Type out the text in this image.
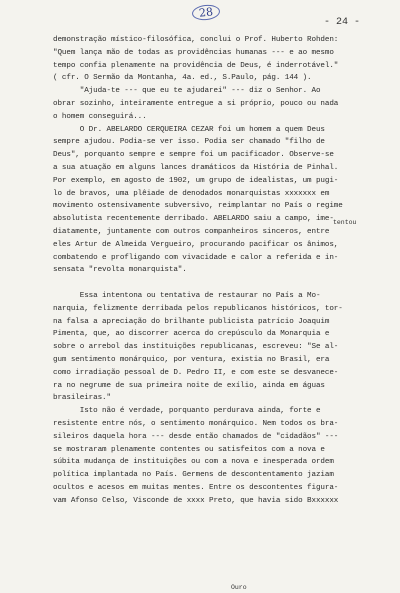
28
- 24 -
demonstração místico-filosófica, conclui o Prof. Huberto Rohden:
"Quem lança mão de todas as providências humanas --- e ao mesmo
tempo confia plenamente na providência de Deus, é inderrotável."
( cfr. O Sermão da Montanha, 4a. ed., S.Paulo, pág. 144 ).
"Ajuda-te --- que eu te ajudarei" --- diz o Senhor. Ao
obrar sozinho, inteiramente entregue a si próprio, pouco ou nada
o homem conseguirá...
O Dr. ABELARDO CERQUEIRA CEZAR foi um homem a quem Deus
sempre ajudou. Podia-se ver isso. Podia ser chamado "filho de
Deus", porquanto sempre e sempre foi um pacificador. Observe-se
a sua atuação em alguns lances dramáticos da História de Pinhal.
Por exemplo, em agosto de 1902, um grupo de idealistas, um pugi-
lo de bravos, uma plêiade de denodados monarquistas xxxxxxx em
movimento ostensivamente subversivo, reimplantar no País o regime
absolutista recentemente derribado. ABELARDO saiu a campo, ime-
diatamente, juntamente com outros companheiros sinceros, entre
eles Artur de Almeida Vergueiro, procurando pacificar os ânimos,
combatendo e profligando com vivacidade e calor a referida e in-
sensata "revolta monarquista".
Essa intentona ou tentativa de restaurar no País a Mo-
narquia, felizmente derribada pelos republicanos históricos, tor-
na falsa a apreciação do brilhante publicista patrício Joaquim
Pimenta, que, ao discorrer acerca do crepúsculo da Monarquia e
sobre o arrebol das instituições republicanas, escreveu: "Se al-
gum sentimento monárquico, por ventura, existia no Brasil, era
como irradiação pessoal de D. Pedro II, e com este se desvanece-
ra no negrume de sua primeira noite de exílio, ainda em águas
brasileiras."
Isto não é verdade, porquanto perdurava ainda, forte e
resistente entre nós, o sentimento monárquico. Nem todos os bra-
sileiros daquela hora --- desde então chamados de "cidadãos" ---
se mostraram plenamente contentes ou satisfeitos com a nova e
súbita mudança de instituições ou com a nova e inesperada ordem
política implantada no País. Germens de descontentamento jaziam
ocultos e acesos em muitas mentes. Entre os descontentes figura-
vam Afonso Celso, Visconde de xxxx Preto, que havia sido Bxxxxxx
tentou
Ouro
